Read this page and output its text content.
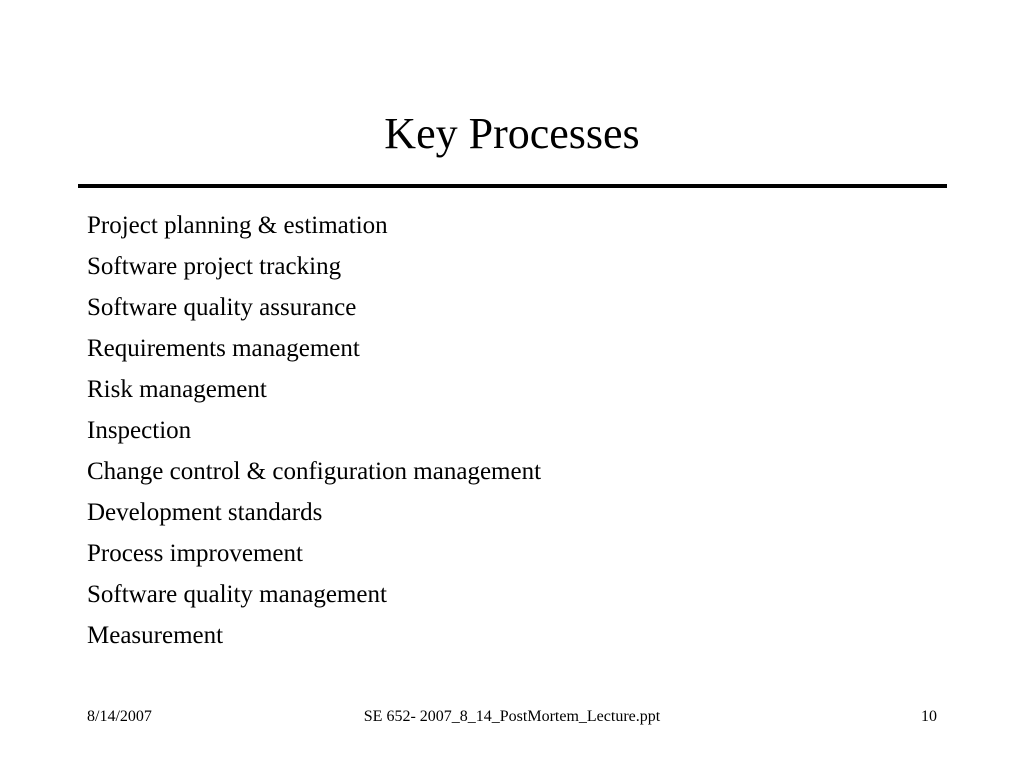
Key Processes
Project planning & estimation
Software project tracking
Software quality assurance
Requirements management
Risk management
Inspection
Change control & configuration management
Development standards
Process improvement
Software quality management
Measurement
8/14/2007	SE 652- 2007_8_14_PostMortem_Lecture.ppt	10
